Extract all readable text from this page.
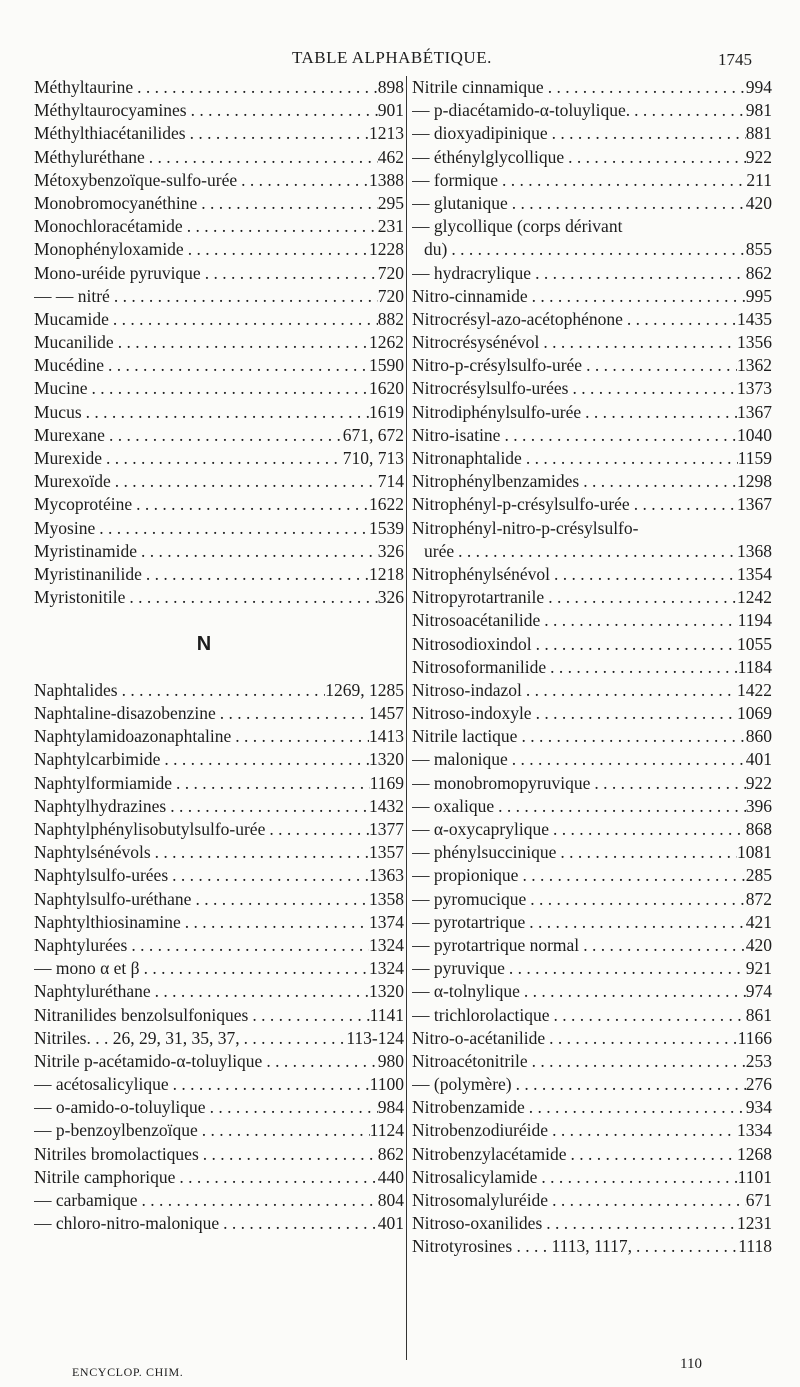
TABLE ALPHABÉTIQUE.	1745
Méthyltaurine . . .	898
Méthyltaurocyamines . . .	901
Méthylthiacétanilides . . .	1213
Méthyluréthane . . .	462
Métoxybenzoïque-sulfo-urée . . .	1388
Monobromocyanéthine . . .	295
Monochloracétamide . . .	231
Monophényloxamide . . .	1228
Mono-uréide pyruvique . . .	720
— — nitré . . .	720
Mucamide . . .	882
Mucanilide . . .	1262
Mucédine . . .	1590
Mucine . . .	1620
Mucus . . .	1619
Murexane . . .	671, 672
Murexide . . .	710, 713
Murexoïde . . .	714
Mycoprotéine . . .	1622
Myosine . . .	1539
Myristinamide . . .	326
Myristinanilide . . .	1218
Myristonitile . . .	326
N
Naphtalides . . .	1269, 1285
Naphtaline-disazobenzine . . .	1457
Naphtylamidoazonaphtaline . . .	1413
Naphtylcarbimide . . .	1320
Naphtylformiamide . . .	1169
Naphtylhydrazines . . .	1432
Naphtylphénylisobutylsulfo-urée . . .	1377
Naphtylsénévols . . .	1357
Naphtylsulfo-urées . . .	1363
Naphtylsulfo-uréthane . . .	1358
Naphtylthiosinamine . . .	1374
Naphtylurées . . .	1324
— mono α et β . . .	1324
Naphtyluréthane . . .	1320
Nitranilides benzolsulfoniques . . .	1141
Nitriles. . . 26, 29, 31, 35, 37, . . .	113-124
Nitrile p-acétamido-α-toluylique . . .	980
— acétosalicylique . . .	1100
— o-amido-o-toluylique . . .	984
— p-benzoylbenzoïque . . .	1124
Nitriles bromolactiques . . .	862
Nitrile camphorique . . .	440
— carbamique . . .	804
— chloro-nitro-malonique . . .	401
Nitrile cinnamique . . .	994
— p-diacétamido-α-toluylique. . . .	981
— dioxyadipinique . . .	881
— éthénylglycollique . . .	922
— formique . . .	211
— glutanique . . .	420
— glycollique (corps dérivant
du) . . .	855
— hydracrylique . . .	862
Nitro-cinnamide . . .	995
Nitrocrésyl-azo-acétophénone . . .	1435
Nitrocrésysénévol . . .	1356
Nitro-p-crésylsulfo-urée . . .	1362
Nitrocrésylsulfo-urées . . .	1373
Nitrodiphénylsulfo-urée . . .	1367
Nitro-isatine . . .	1040
Nitronaphtalide . . .	1159
Nitrophénylbenzamides . . .	1298
Nitrophényl-p-crésylsulfo-urée . . .	1367
Nitrophényl-nitro-p-crésylsulfo-
urée . . .	1368
Nitrophénylsénévol . . .	1354
Nitropyrotartranile . . .	1242
Nitrosoacétanilide . . .	1194
Nitrosodioxindol . . .	1055
Nitrosoformanilide . . .	1184
Nitroso-indazol . . .	1422
Nitroso-indoxyle . . .	1069
Nitrile lactique . . .	860
— malonique . . .	401
— monobromopyruvique . . .	922
— oxalique . . .	396
— α-oxycaprylique . . .	868
— phénylsuccinique . . .	1081
— propionique . . .	285
— pyromucique . . .	872
— pyrotartrique . . .	421
— pyrotartrique normal . . .	420
— pyruvique . . .	921
— α-tolnylique . . .	974
— trichlorolactique . . .	861
Nitro-o-acétanilide . . .	1166
Nitroacétonitrile . . .	253
— (polymère) . . .	276
Nitrobenzamide . . .	934
Nitrobenzodiuréide . . .	1334
Nitrobenzylacétamide . . .	1268
Nitrosalicylamide . . .	1101
Nitrosomalyluréide . . .	671
Nitroso-oxanilides . . .	1231
Nitrotyrosines . . . . 1113, 1117, . . .	1118
ENCYCLOP. CHIM.	110
